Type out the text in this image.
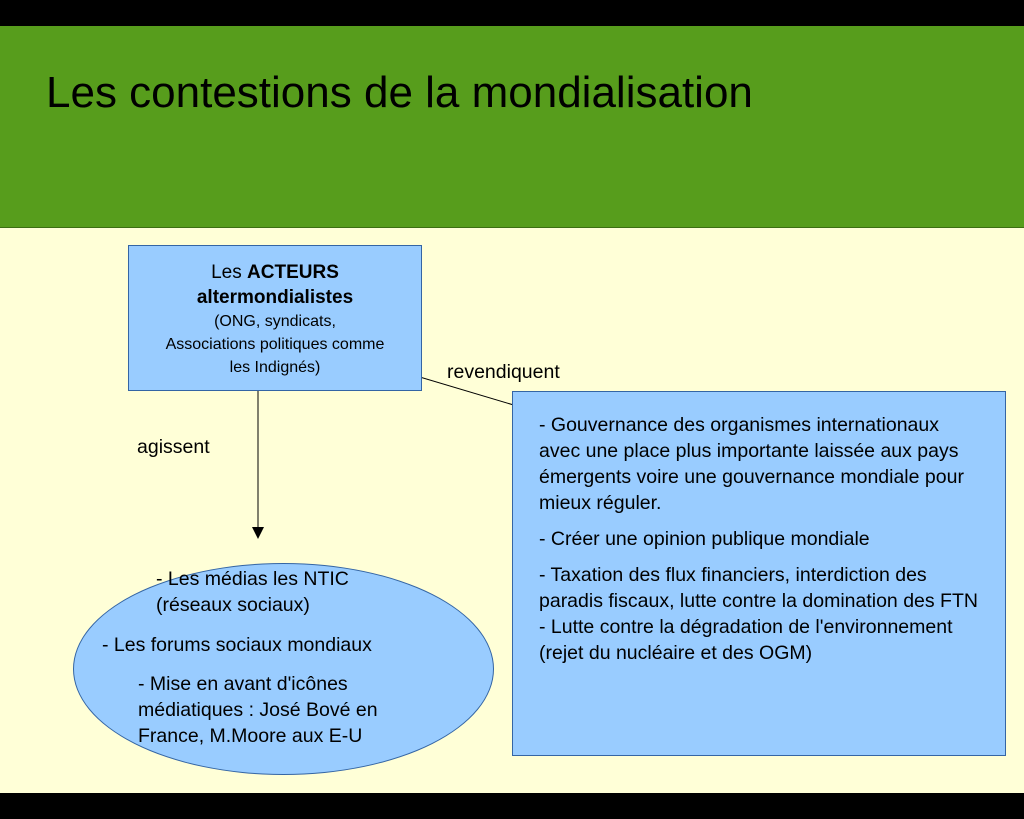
Les contestions de la mondialisation
Les ACTEURS
altermondialistes
(ONG, syndicats,
Associations politiques comme
les Indignés)
agissent
revendiquent
- Les médias les NTIC
(réseaux sociaux)
- Les forums sociaux mondiaux
- Mise en avant d'icônes
médiatiques : José Bové en
France, M.Moore aux E-U

- Gouvernance des organismes internationaux avec une place plus importante laissée aux pays émergents voire une gouvernance mondiale pour mieux réguler.

- Créer une opinion publique mondiale

- Taxation des flux financiers, interdiction des paradis fiscaux, lutte contre la domination des FTN

- Lutte contre la dégradation de l'environnement (rejet du nucléaire et des OGM)
